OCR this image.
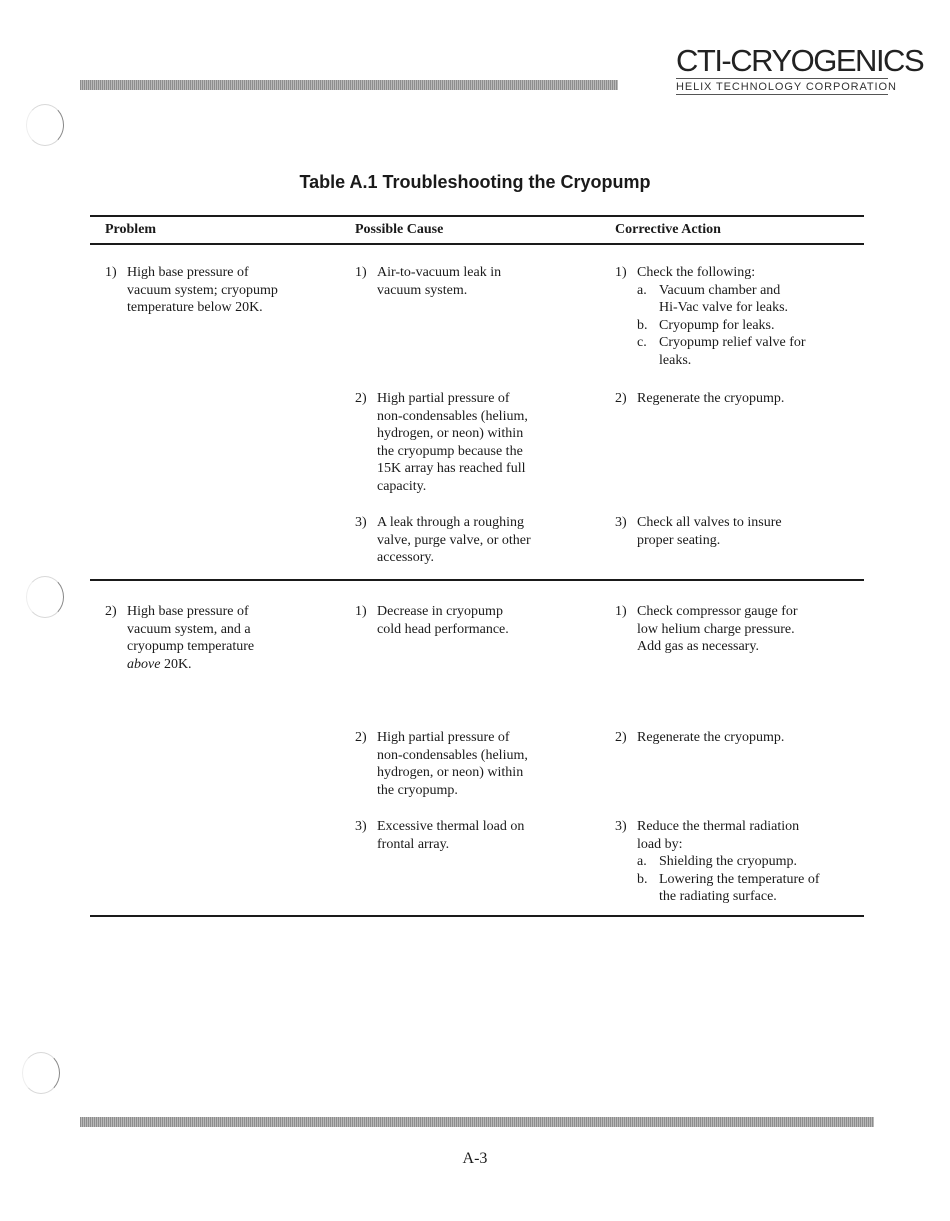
CTI-CRYOGENICS
HELIX TECHNOLOGY CORPORATION
Table A.1 Troubleshooting the Cryopump
Problem	Possible Cause	Corrective Action
1) High base pressure of
vacuum system; cryopump
temperature below 20K.
1) Air-to-vacuum leak in
vacuum system.
1) Check the following:
a. Vacuum chamber and
Hi-Vac valve for leaks.
b. Cryopump for leaks.
c. Cryopump relief valve for
leaks.
2) High partial pressure of
non-condensables (helium,
hydrogen, or neon) within
the cryopump because the
15K array has reached full
capacity.
2) Regenerate the cryopump.
3) A leak through a roughing
valve, purge valve, or other
accessory.
3) Check all valves to insure
proper seating.
2) High base pressure of
vacuum system, and a
cryopump temperature
above 20K.
1) Decrease in cryopump
cold head performance.
1) Check compressor gauge for
low helium charge pressure.
Add gas as necessary.
2) High partial pressure of
non-condensables (helium,
hydrogen, or neon) within
the cryopump.
2) Regenerate the cryopump.
3) Excessive thermal load on
frontal array.
3) Reduce the thermal radiation
load by:
a. Shielding the cryopump.
b. Lowering the temperature of
the radiating surface.
A-3
